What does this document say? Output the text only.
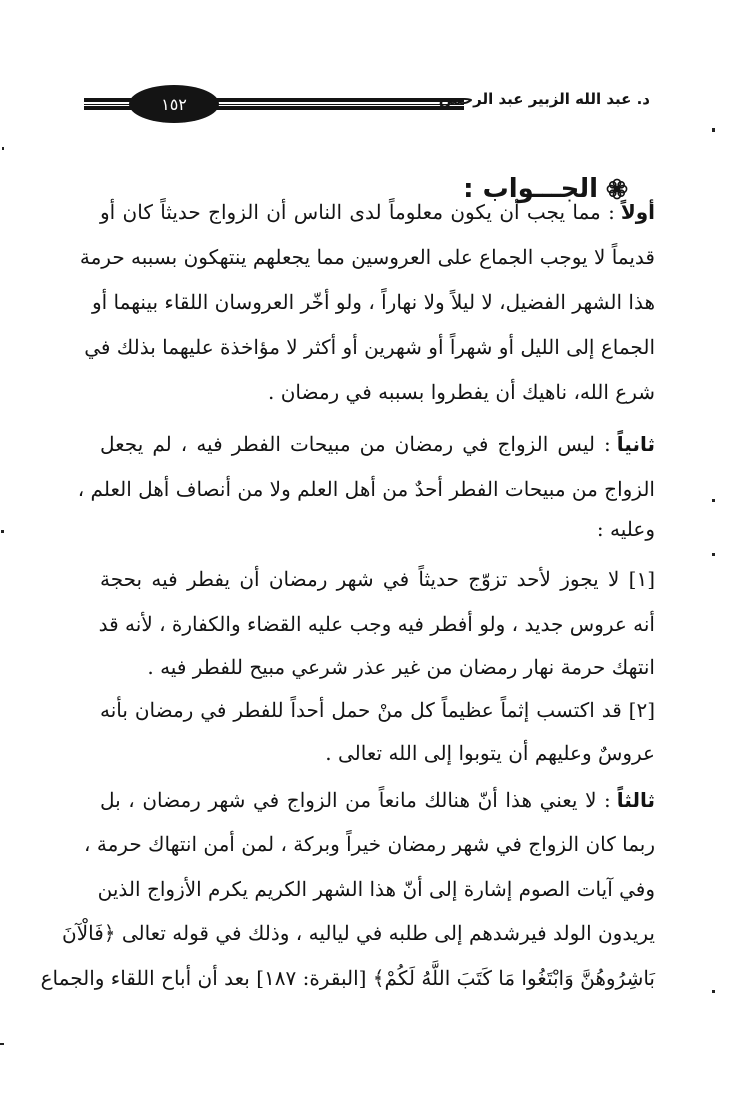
١٥٢	د. عبد الله الزبير عبد الرحمن
الجـــواب :
أولاً: مما يجب أن يكون معلوماً لدى الناس أن الزواج حديثاً كان أو
قديماً لا يوجب الجماع على العروسين مما يجعلهم ينتهكون بسببه حرمة
هذا الشهر الفضيل، لا ليلاً ولا نهاراً ، ولو أخّر العروسان اللقاء بينهما أو
الجماع إلى الليل أو شهراً أو شهرين أو أكثر لا مؤاخذة عليهما بذلك في
شرع الله، ناهيك أن يفطروا بسببه في رمضان .
ثانياً: ليس الزواج في رمضان من مبيحات الفطر فيه ، لم يجعل
الزواج من مبيحات الفطر أحدٌ من أهل العلم ولا من أنصاف أهل العلم ،
وعليه :
[١] لا يجوز لأحد تزوّج حديثاً في شهر رمضان أن يفطر فيه بحجة
أنه عروس جديد ، ولو أفطر فيه وجب عليه القضاء والكفارة ، لأنه قد
انتهك حرمة نهار رمضان من غير عذر شرعي مبيح للفطر فيه .
[٢] قد اكتسب إثماً عظيماً كل منْ حمل أحداً للفطر في رمضان بأنه
عروسٌ وعليهم أن يتوبوا إلى الله تعالى .
ثالثاً: لا يعني هذا أنّ هنالك مانعاً من الزواج في شهر رمضان ، بل
ربما كان الزواج في شهر رمضان خيراً وبركة ، لمن أمن انتهاك حرمة ،
وفي آيات الصوم إشارة إلى أنّ هذا الشهر الكريم يكرم الأزواج الذين
يريدون الولد فيرشدهم إلى طلبه في لياليه ، وذلك في قوله تعالى ﴿فَالْآنَ
بَاشِرُوهُنَّ وَابْتَغُوا مَا كَتَبَ اللَّهُ لَكُمْ﴾ [البقرة: ١٨٧] بعد أن أباح اللقاء والجماع
